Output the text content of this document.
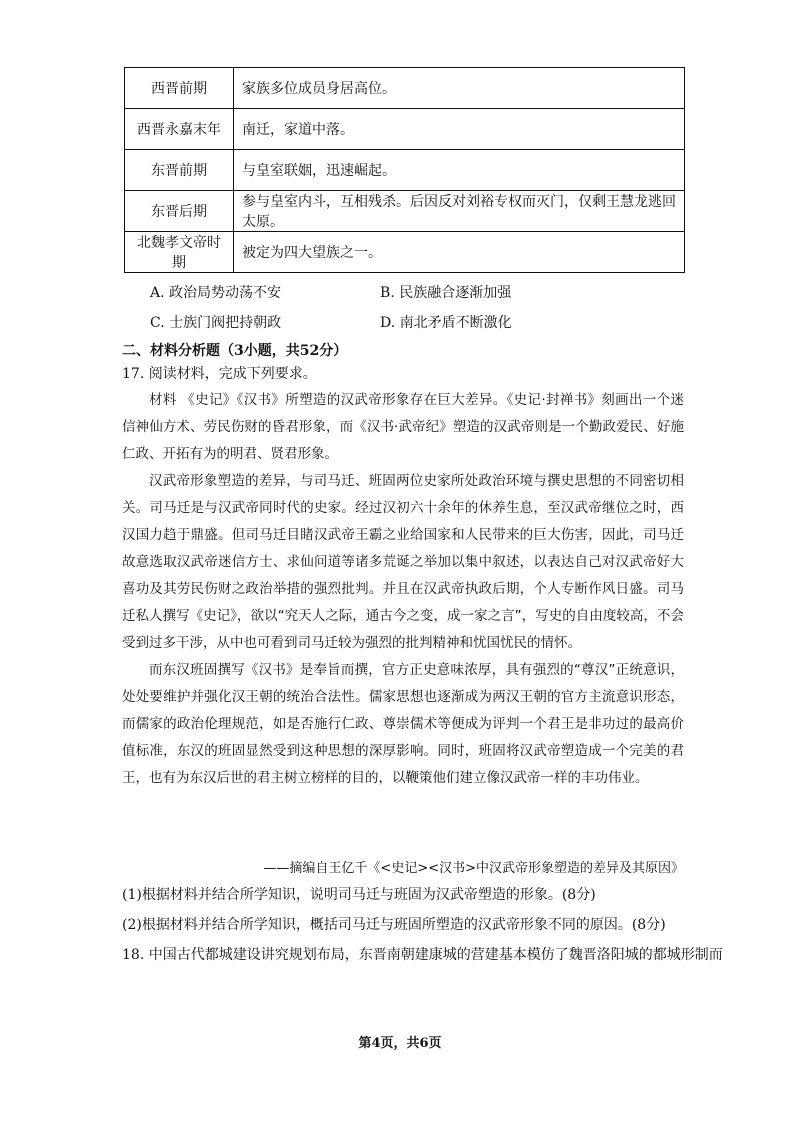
西晋前期	家族多位成员身居高位。
西晋永嘉末年	南迁，家道中落。
东晋前期	与皇室联姻，迅速崛起。
东晋后期	参与皇室内斗，互相残杀。后因反对刘裕专权而灭门，仅剩王慧龙逃回太原。
北魏孝文帝时期	被定为四大望族之一。
A. 政治局势动荡不安	B. 民族融合逐渐加强
C. 士族门阀把持朝政	D. 南北矛盾不断激化
二、材料分析题（3小题，共52分）
17. 阅读材料，完成下列要求。

材料 《史记》《汉书》所塑造的汉武帝形象存在巨大差异。《史记·封禅书》刻画出一个迷信神仙方术、劳民伤财的昏君形象，而《汉书·武帝纪》塑造的汉武帝则是一个勤政爱民、好施仁政、开拓有为的明君、贤君形象。

汉武帝形象塑造的差异，与司马迁、班固两位史家所处政治环境与撰史思想的不同密切相关。司马迁是与汉武帝同时代的史家。经过汉初六十余年的休养生息，至汉武帝继位之时，西汉国力趋于鼎盛。但司马迁目睹汉武帝王霸之业给国家和人民带来的巨大伤害，因此，司马迁故意选取汉武帝迷信方士、求仙问道等诸多荒诞之举加以集中叙述，以表达自己对汉武帝好大喜功及其劳民伤财之政治举措的强烈批判。并且在汉武帝执政后期，个人专断作风日盛。司马迁私人撰写《史记》，欲以“究天人之际，通古今之变，成一家之言”，写史的自由度较高，不会受到过多干涉，从中也可看到司马迁较为强烈的批判精神和忧国忧民的情怀。

而东汉班固撰写《汉书》是奉旨而撰，官方正史意味浓厚，具有强烈的“尊汉”正统意识，处处要维护并强化汉王朝的统治合法性。儒家思想也逐渐成为两汉王朝的官方主流意识形态，而儒家的政治伦理规范，如是否施行仁政、尊崇儒术等便成为评判一个君王是非功过的最高价值标准，东汉的班固显然受到这种思想的深厚影响。同时，班固将汉武帝塑造成一个完美的君王，也有为东汉后世的君主树立榜样的目的，以鞭策他们建立像汉武帝一样的丰功伟业。

——摘编自王亿千《<史记><汉书>中汉武帝形象塑造的差异及其原因》
(1)根据材料并结合所学知识，说明司马迁与班固为汉武帝塑造的形象。(8分)
(2)根据材料并结合所学知识，概括司马迁与班固所塑造的汉武帝形象不同的原因。(8分)
18. 中国古代都城建设讲究规划布局，东晋南朝建康城的营建基本模仿了魏晋洛阳城的都城形制而
第4页，共6页
